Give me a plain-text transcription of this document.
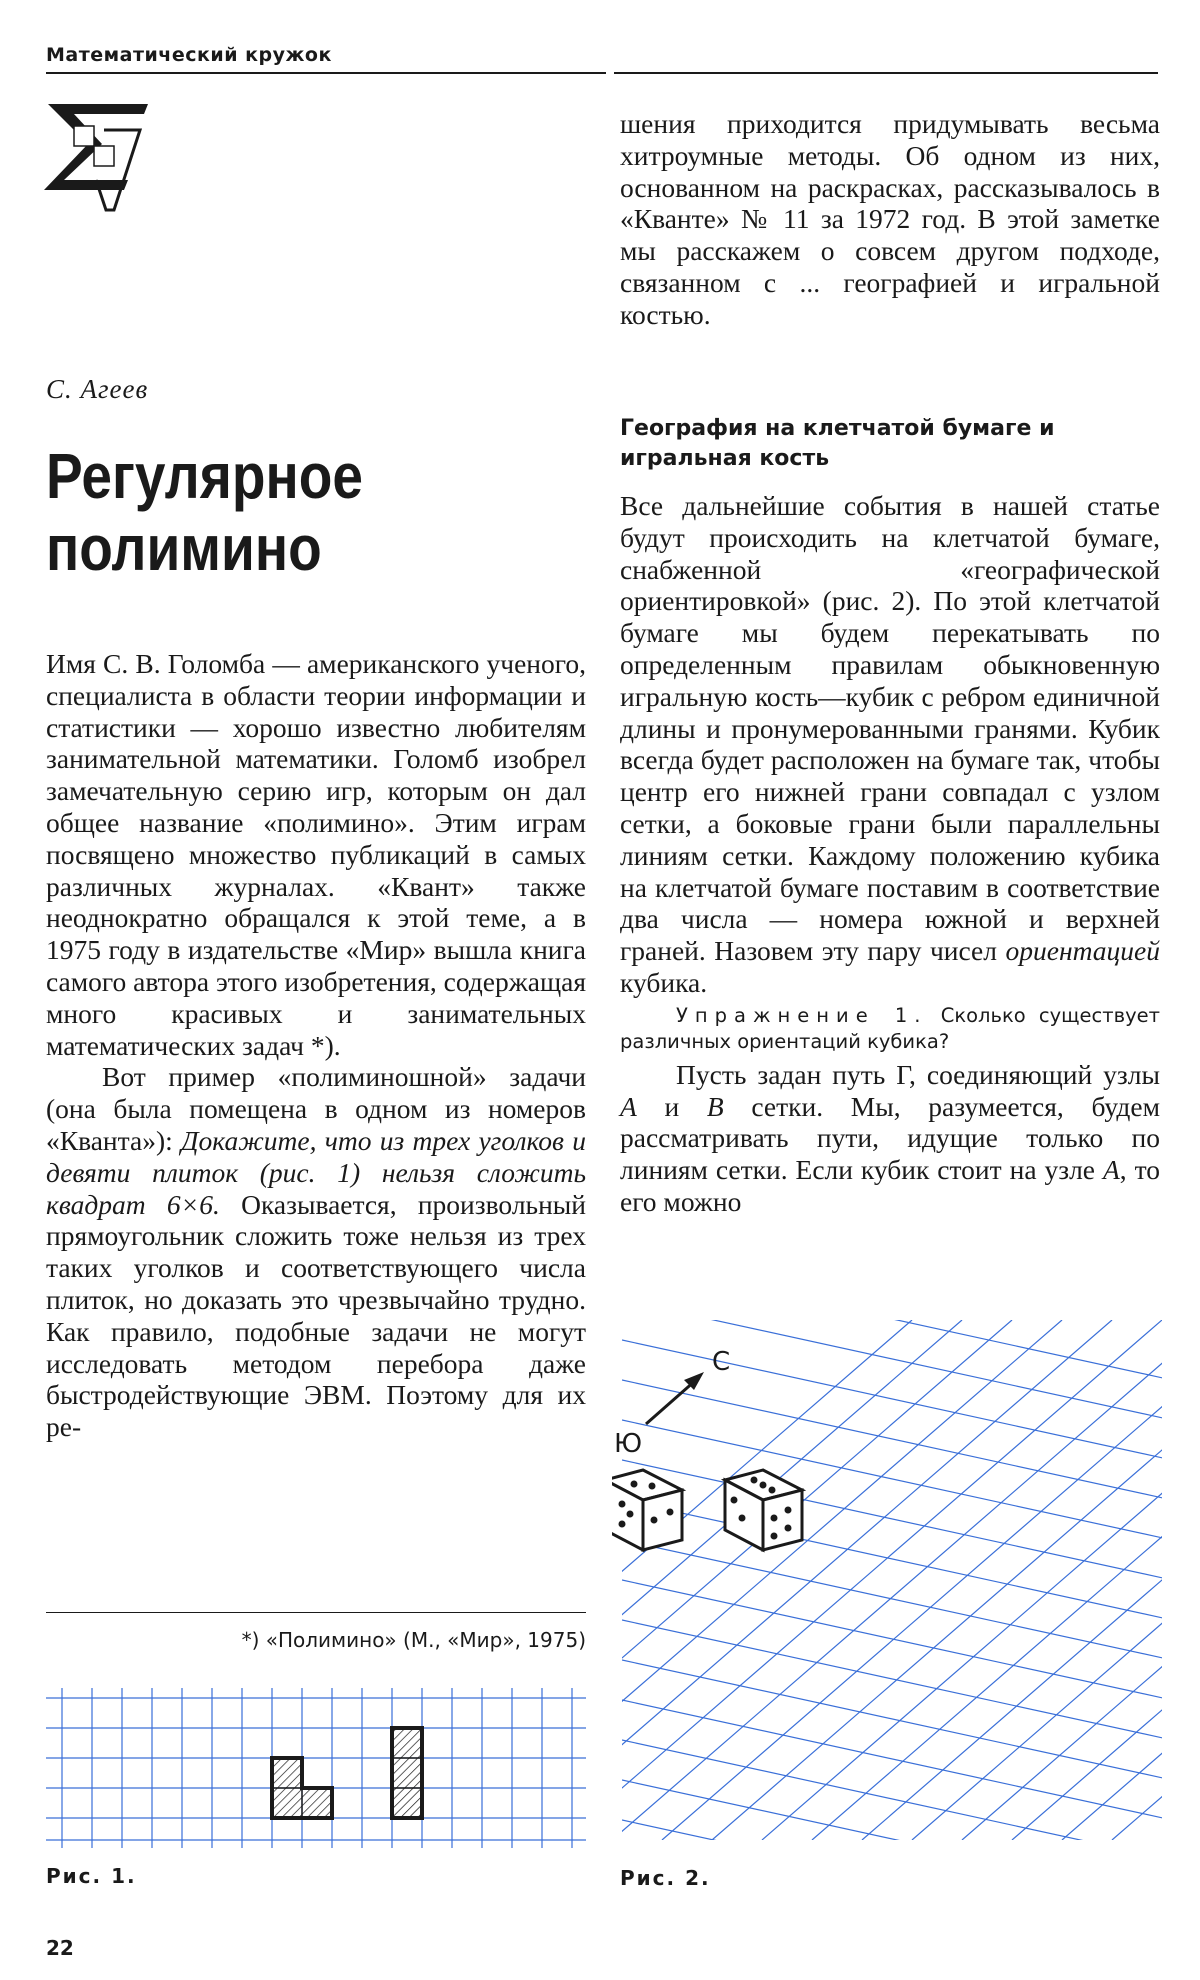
Математический кружок
С. Агеев
Регулярное
полимино

Имя С. В. Голомба — американского ученого, специалиста в области теории информации и статистики — хорошо известно любителям занимательной математики. Голомб изобрел замечательную серию игр, которым он дал общее название «полимино». Этим играм посвящено множество публикаций в самых различных журналах. «Квант» также неоднократно обращался к этой теме, а в 1975 году в издательстве «Мир» вышла книга самого автора этого изобретения, содержащая много красивых и занимательных математических задач *).

Вот пример «полиминошной» задачи (она была помещена в одном из номеров «Кванта»): Докажите, что из трех уголков и девяти плиток (рис. 1) нельзя сложить квадрат 6×6. Оказывается, произвольный прямоугольник сложить тоже нельзя из трех таких уголков и соответствующего числа плиток, но доказать это чрезвычайно трудно. Как правило, подобные задачи не могут исследовать методом перебора даже быстродействующие ЭВМ. Поэтому для их ре-

шения приходится придумывать весьма хитроумные методы. Об одном из них, основанном на раскрасках, рассказывалось в «Кванте» № 11 за 1972 год. В этой заметке мы расскажем о совсем другом подходе, связанном с ... географией и игральной костью.

География на клетчатой бумаге и игральная кость

Все дальнейшие события в нашей статье будут происходить на клетчатой бумаге, снабженной «географической ориентировкой» (рис. 2). По этой клетчатой бумаге мы будем перекатывать по определенным правилам обыкновенную игральную кость—кубик с ребром единичной длины и пронумерованными гранями. Кубик всегда будет расположен на бумаге так, чтобы центр его нижней грани совпадал с узлом сетки, а боковые грани были параллельны линиям сетки. Каждому положению кубика на клетчатой бумаге поставим в соответствие два числа — номера южной и верхней граней. Назовем эту пару чисел ориентацией кубика.

Упражнение 1. Сколько существует различных ориентаций кубика?

Пусть задан путь Г, соединяющий узлы А и В сетки. Мы, разумеется, будем рассматривать пути, идущие только по линиям сетки. Если кубик стоит на узле А, то его можно

*) «Полимино» (М., «Мир», 1975)
Рис. 1.
С
Ю
Рис. 2.
22
